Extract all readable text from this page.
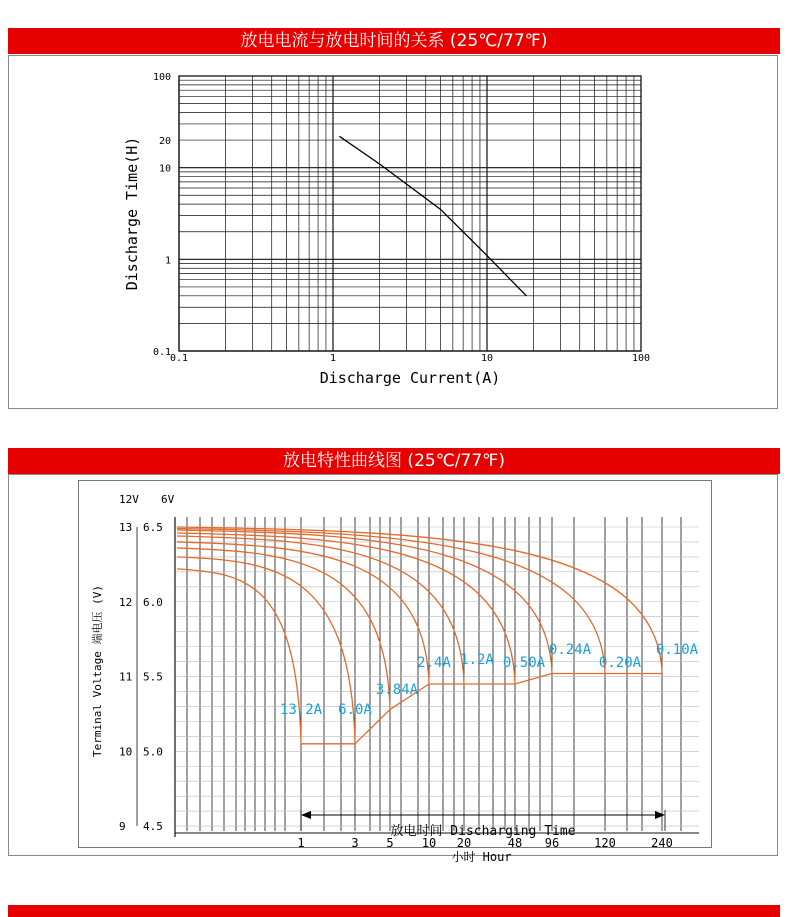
放电电流与放电时间的关系 (25℃/77℉)
0.1	1	10	100
100
20
10
1
0.1
Discharge Current(A)
Discharge Time(H)
放电特性曲线图 (25℃/77℉)
12V 6V
13 6.5
12 6.0
11 5.5
10 5.0
9 4.5
Terminal Voltage 端电压 (V)
1	3 5 10 20	48 96	120	240
小时 Hour
13.2A 6.0A
3.84A
2.4A 1.2A 0.50A
0.24A
0.20A
0.10A
放电时间 Discharging Time
